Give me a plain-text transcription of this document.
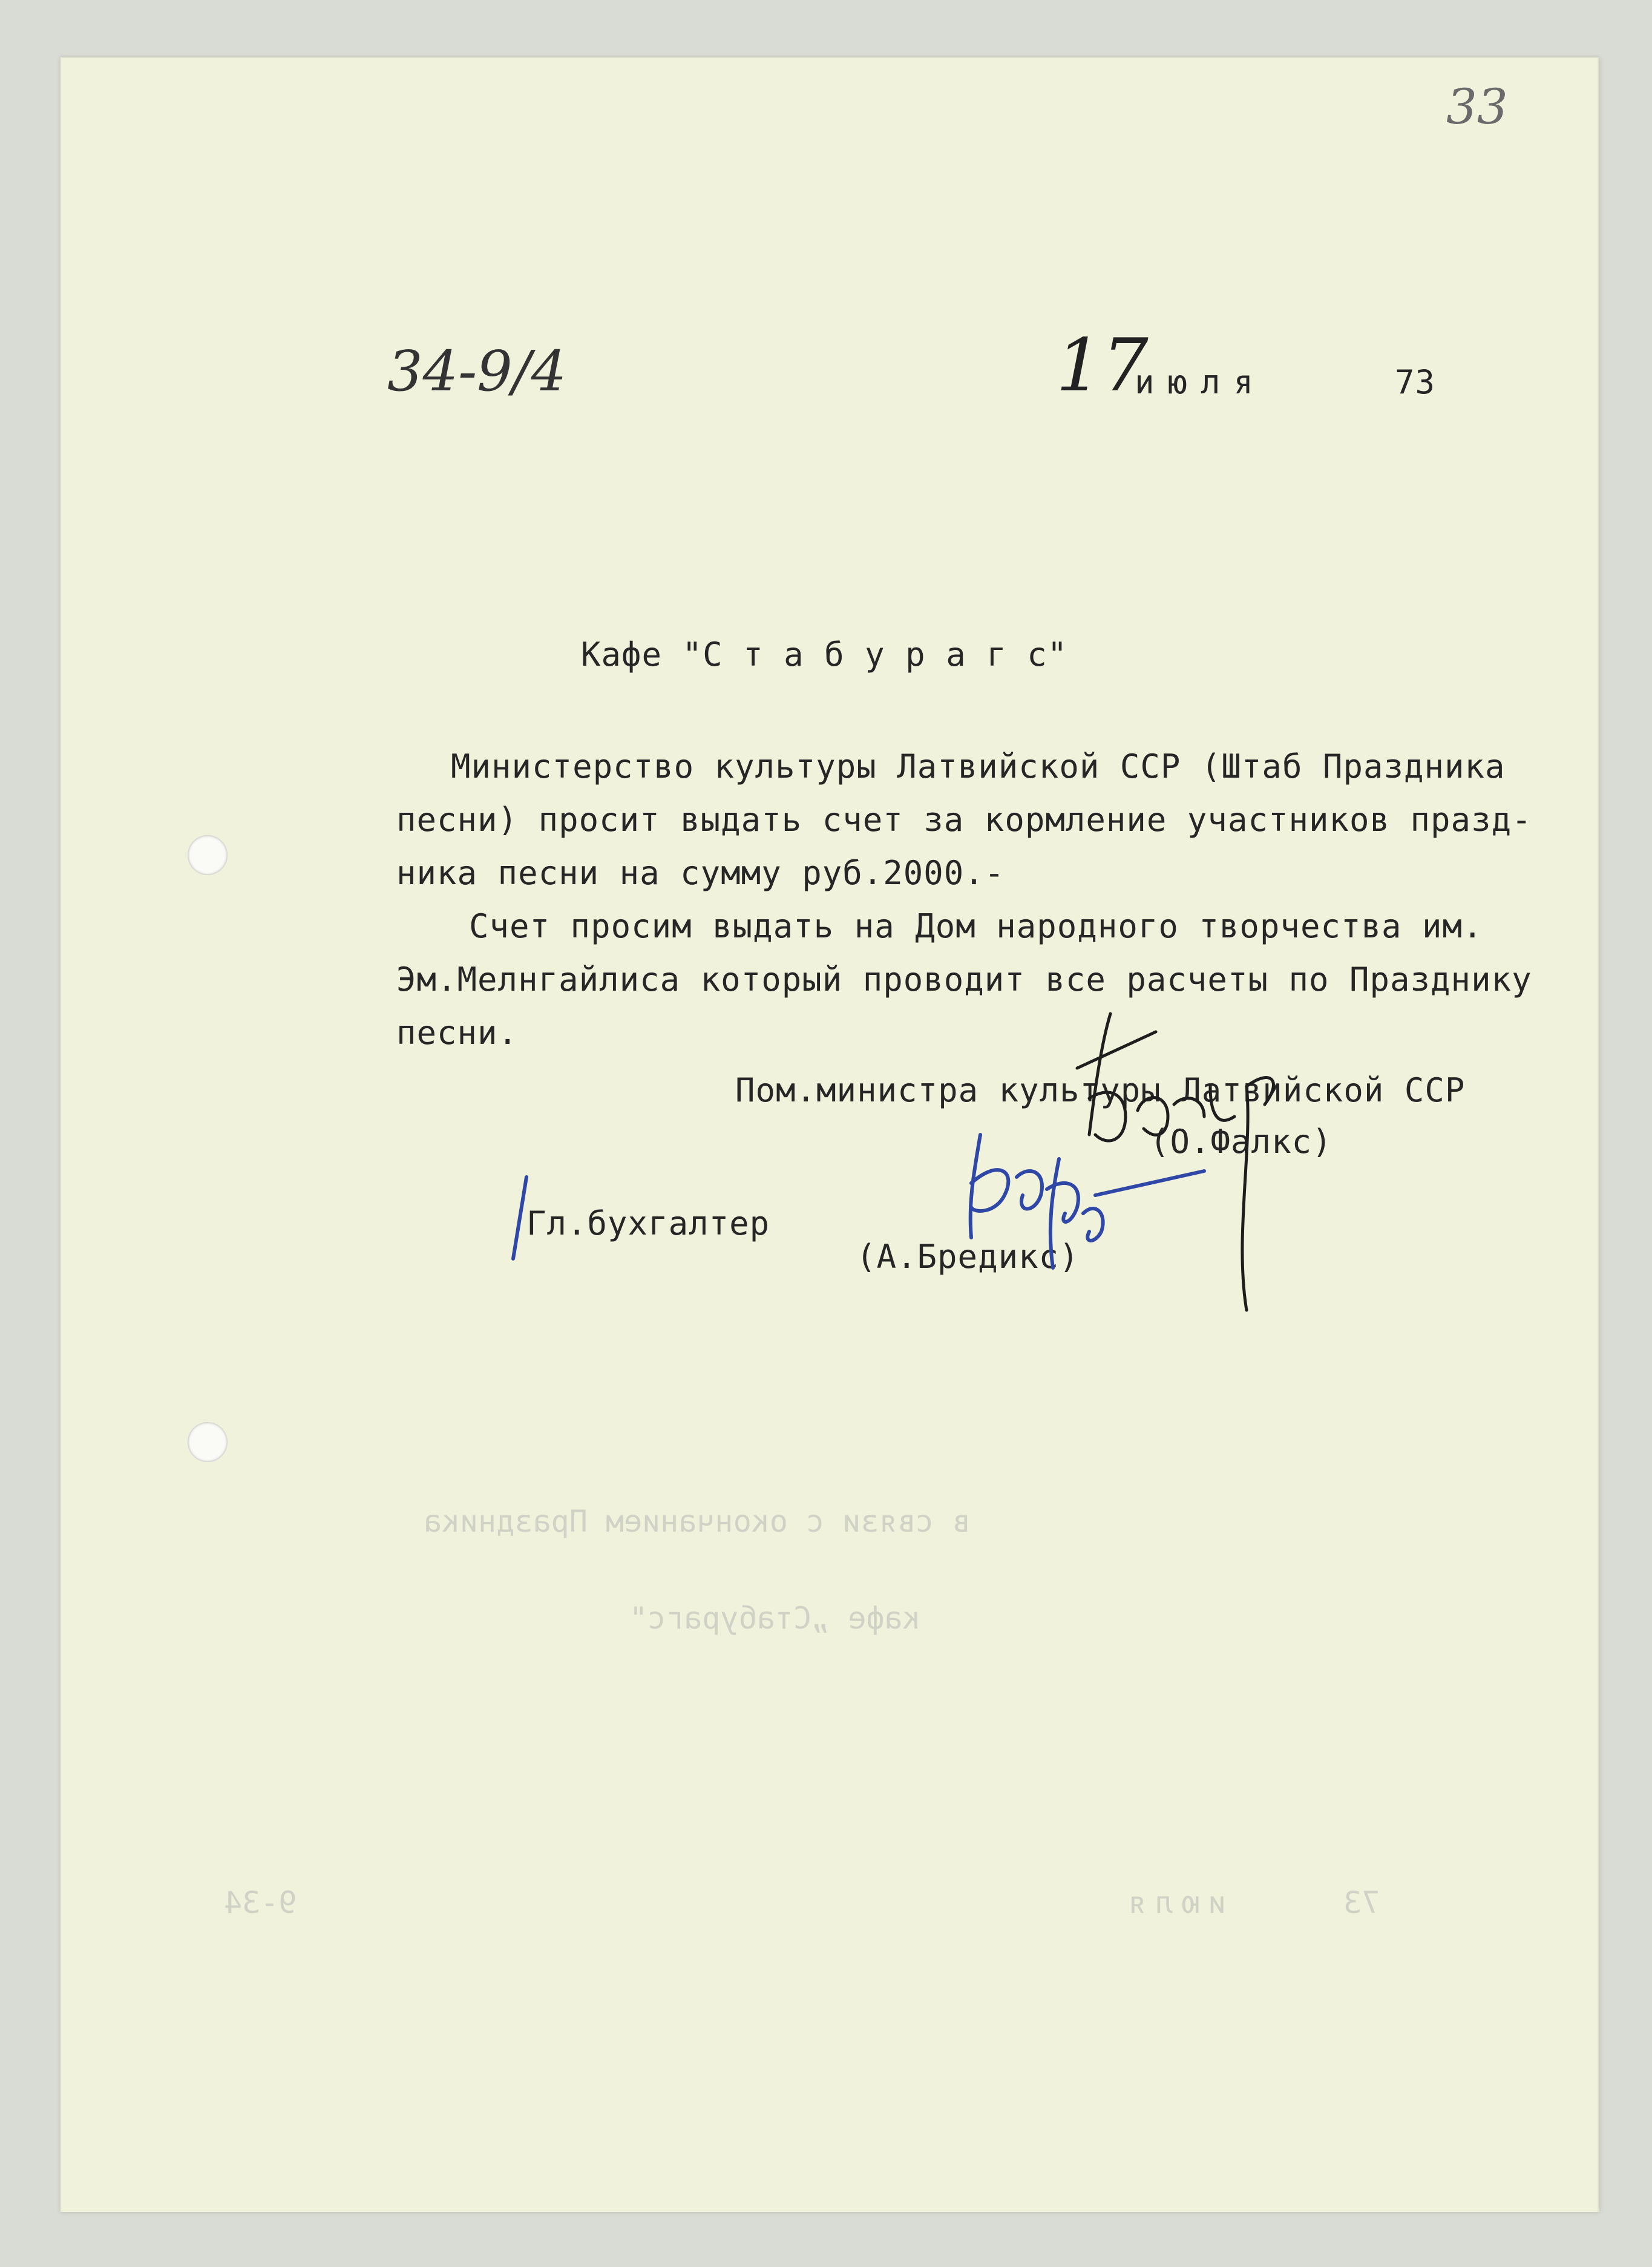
в связи с окончанием Праздника
кафе „Стабурагс"
73
июля
9-34
33
34-9/4	17
июля	73
Кафе "С т а б у р а г с"
Министерство культуры Латвийской ССР (Штаб Праздника
песни) просит выдать счет за кормление участников празд-
ника песни на сумму руб.2000.-
Счет просим выдать на Дом народного творчества им.
Эм.Мелнгайлиса который проводит все расчеты по Празднику
песни.
Пом.министра культуры Латвийской ССР
(О.Фалкс)
Гл.бухгалтер
(А.Бредикс)
